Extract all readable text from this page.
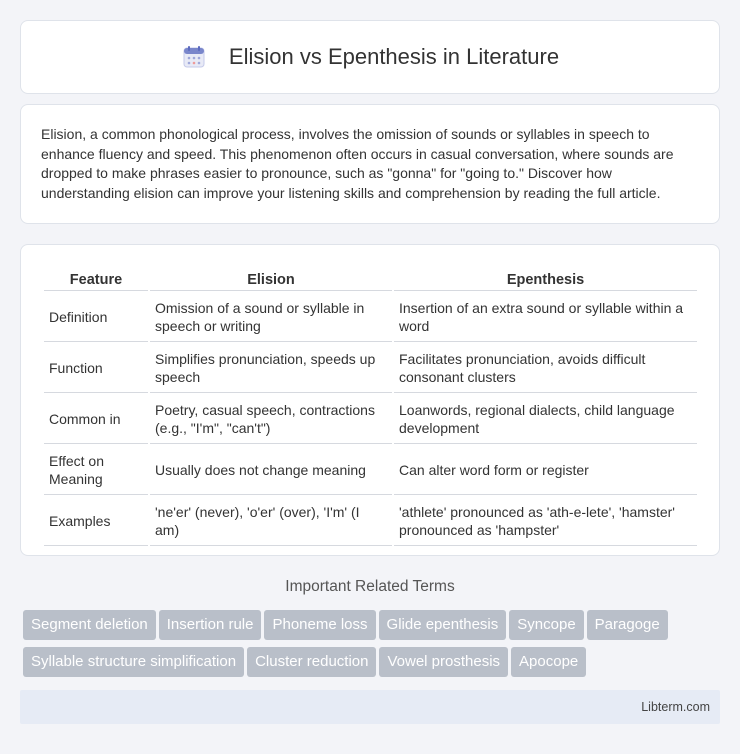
Elision vs Epenthesis in Literature

Elision, a common phonological process, involves the omission of sounds or syllables in speech to enhance fluency and speed. This phenomenon often occurs in casual conversation, where sounds are dropped to make phrases easier to pronounce, such as "gonna" for "going to." Discover how understanding elision can improve your listening skills and comprehension by reading the full article.

Feature	Elision	Epenthesis
Definition	Omission of a sound or syllable in speech or writing	Insertion of an extra sound or syllable within a word
Function	Simplifies pronunciation, speeds up speech	Facilitates pronunciation, avoids difficult consonant clusters
Common in	Poetry, casual speech, contractions (e.g., "I'm", "can't")	Loanwords, regional dialects, child language development
Effect on Meaning	Usually does not change meaning	Can alter word form or register
Examples	'ne'er' (never), 'o'er' (over), 'I'm' (I am)	'athlete' pronounced as 'ath-e-lete', 'hamster' pronounced as 'hampster'
Important Related Terms
Segment deletion Insertion rule Phoneme loss Glide epenthesis Syncope Paragoge
Syllable structure simplification Cluster reduction Vowel prosthesis Apocope
Libterm.com
